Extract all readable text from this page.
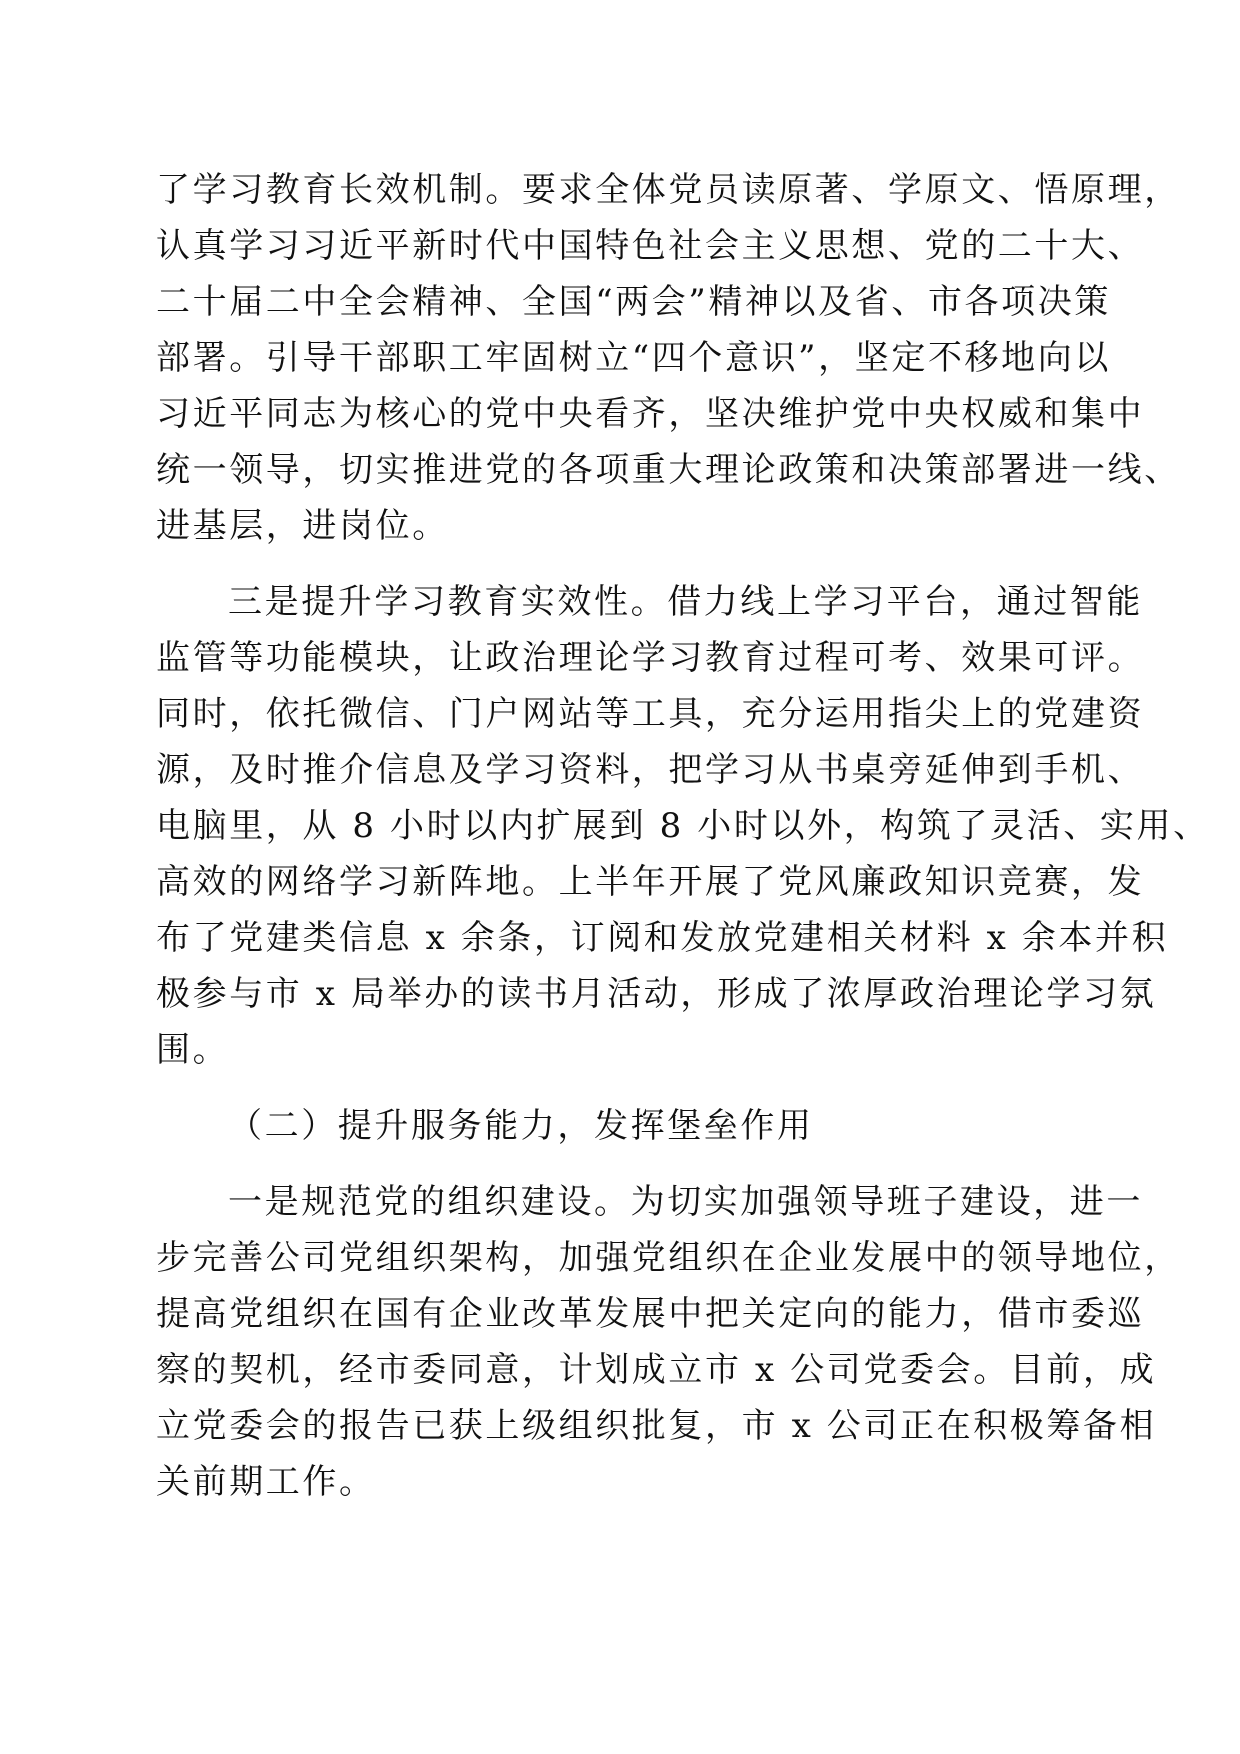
了学习教育长效机制。要求全体党员读原著、学原文、悟原理，
认真学习习近平新时代中国特色社会主义思想、党的二十大、
二十届二中全会精神、全国“两会”精神以及省、市各项决策
部署。引导干部职工牢固树立“四个意识”，坚定不移地向以
习近平同志为核心的党中央看齐，坚决维护党中央权威和集中
统一领导，切实推进党的各项重大理论政策和决策部署进一线、
进基层，进岗位。
三是提升学习教育实效性。借力线上学习平台，通过智能
监管等功能模块，让政治理论学习教育过程可考、效果可评。
同时，依托微信、门户网站等工具，充分运用指尖上的党建资
源，及时推介信息及学习资料，把学习从书桌旁延伸到手机、
电脑里，从 8 小时以内扩展到 8 小时以外，构筑了灵活、实用、
高效的网络学习新阵地。上半年开展了党风廉政知识竞赛，发
布了党建类信息 x 余条，订阅和发放党建相关材料 x 余本并积
极参与市 x 局举办的读书月活动，形成了浓厚政治理论学习氛
围。
（二）提升服务能力，发挥堡垒作用
一是规范党的组织建设。为切实加强领导班子建设，进一
步完善公司党组织架构，加强党组织在企业发展中的领导地位，
提高党组织在国有企业改革发展中把关定向的能力，借市委巡
察的契机，经市委同意，计划成立市 x 公司党委会。目前，成
立党委会的报告已获上级组织批复，市 x 公司正在积极筹备相
关前期工作。
